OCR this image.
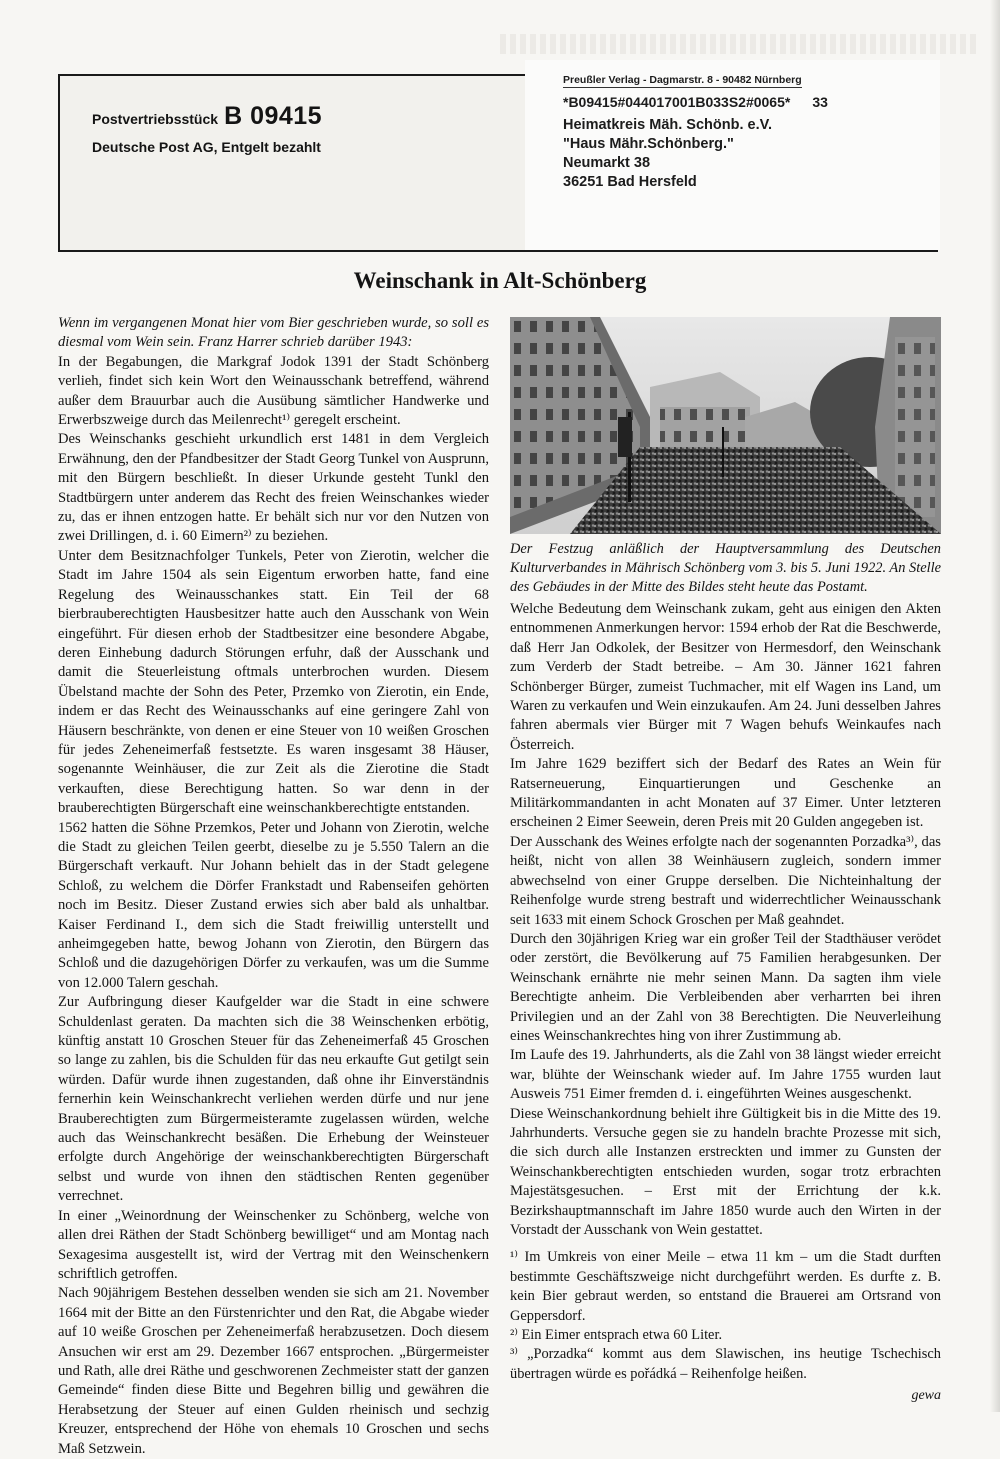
Postvertriebsstück B 09415
Deutsche Post AG, Entgelt bezahlt
Preußler Verlag - Dagmarstr. 8 - 90482 Nürnberg
*B09415#044017001B033S2#0065* 33
Heimatkreis Mäh. Schönb. e.V.
"Haus Mähr.Schönberg."
Neumarkt 38
36251 Bad Hersfeld
Weinschank in Alt-Schönberg

Wenn im vergangenen Monat hier vom Bier geschrieben wurde, so soll es diesmal vom Wein sein. Franz Harrer schrieb darüber 1943:

In der Begabungen, die Markgraf Jodok 1391 der Stadt Schönberg verlieh, findet sich kein Wort den Weinausschank betreffend, während außer dem Brauurbar auch die Ausübung sämtlicher Handwerke und Erwerbszweige durch das Meilenrecht¹⁾ geregelt erscheint.

Des Weinschanks geschieht urkundlich erst 1481 in dem Vergleich Erwähnung, den der Pfandbesitzer der Stadt Georg Tunkel von Ausprunn, mit den Bürgern beschließt. In dieser Urkunde gesteht Tunkl den Stadtbürgern unter anderem das Recht des freien Weinschankes wieder zu, das er ihnen entzogen hatte. Er behält sich nur vor den Nutzen von zwei Drillingen, d. i. 60 Eimern²⁾ zu beziehen.

Unter dem Besitznachfolger Tunkels, Peter von Zierotin, welcher die Stadt im Jahre 1504 als sein Eigentum erworben hatte, fand eine Regelung des Weinausschankes statt. Ein Teil der 68 bierbrauberechtigten Hausbesitzer hatte auch den Ausschank von Wein eingeführt. Für diesen erhob der Stadtbesitzer eine besondere Abgabe, deren Einhebung dadurch Störungen erfuhr, daß der Ausschank und damit die Steuerleistung oftmals unterbrochen wurden. Diesem Übelstand machte der Sohn des Peter, Przemko von Zierotin, ein Ende, indem er das Recht des Weinausschanks auf eine geringere Zahl von Häusern beschränkte, von denen er eine Steuer von 10 weißen Groschen für jedes Zeheneimerfaß festsetzte. Es waren insgesamt 38 Häuser, sogenannte Weinhäuser, die zur Zeit als die Zierotine die Stadt verkauften, diese Berechtigung hatten. So war denn in der brauberechtigten Bürgerschaft eine weinschankberechtigte entstanden.

1562 hatten die Söhne Przemkos, Peter und Johann von Zierotin, welche die Stadt zu gleichen Teilen geerbt, dieselbe zu je 5.550 Talern an die Bürgerschaft verkauft. Nur Johann behielt das in der Stadt gelegene Schloß, zu welchem die Dörfer Frankstadt und Rabenseifen gehörten noch im Besitz. Dieser Zustand erwies sich aber bald als unhaltbar. Kaiser Ferdinand I., dem sich die Stadt freiwillig unterstellt und anheimgegeben hatte, bewog Johann von Zierotin, den Bürgern das Schloß und die dazugehörigen Dörfer zu verkaufen, was um die Summe von 12.000 Talern geschah.

Zur Aufbringung dieser Kaufgelder war die Stadt in eine schwere Schuldenlast geraten. Da machten sich die 38 Weinschenken erbötig, künftig anstatt 10 Groschen Steuer für das Zeheneimerfaß 45 Groschen so lange zu zahlen, bis die Schulden für das neu erkaufte Gut getilgt sein würden. Dafür wurde ihnen zugestanden, daß ohne ihr Einverständnis fernerhin kein Weinschankrecht verliehen werden dürfe und nur jene Brauberechtigten zum Bürgermeisteramte zugelassen würden, welche auch das Weinschankrecht besäßen. Die Erhebung der Weinsteuer erfolgte durch Angehörige der weinschankberechtigten Bürgerschaft selbst und wurde von ihnen den städtischen Renten gegenüber verrechnet.

In einer „Weinordnung der Weinschenker zu Schönberg, welche von allen drei Räthen der Stadt Schönberg bewilliget“ und am Montag nach Sexagesima ausgestellt ist, wird der Vertrag mit den Weinschenkern schriftlich getroffen.

Nach 90jährigem Bestehen desselben wenden sie sich am 21. November 1664 mit der Bitte an den Fürstenrichter und den Rat, die Abgabe wieder auf 10 weiße Groschen per Zeheneimerfaß herabzusetzen. Doch diesem Ansuchen wir erst am 29. Dezember 1667 entsprochen. „Bürgermeister und Rath, alle drei Räthe und geschworenen Zechmeister statt der ganzen Gemeinde“ finden diese Bitte und Begehren billig und gewähren die Herabsetzung der Steuer auf einen Gulden rheinisch und sechzig Kreuzer, entsprechend der Höhe von ehemals 10 Groschen und sechs Maß Setzwein.

Der Festzug anläßlich der Hauptversammlung des Deutschen Kulturverbandes in Mährisch Schönberg vom 3. bis 5. Juni 1922. An Stelle des Gebäudes in der Mitte des Bildes steht heute das Postamt.

Welche Bedeutung dem Weinschank zukam, geht aus einigen den Akten entnommenen Anmerkungen hervor: 1594 erhob der Rat die Beschwerde, daß Herr Jan Odkolek, der Besitzer von Hermesdorf, den Weinschank zum Verderb der Stadt betreibe. – Am 30. Jänner 1621 fahren Schönberger Bürger, zumeist Tuchmacher, mit elf Wagen ins Land, um Waren zu verkaufen und Wein einzukaufen. Am 24. Juni desselben Jahres fahren abermals vier Bürger mit 7 Wagen behufs Weinkaufes nach Österreich.

Im Jahre 1629 beziffert sich der Bedarf des Rates an Wein für Ratserneuerung, Einquartierungen und Geschenke an Militärkommandanten in acht Monaten auf 37 Eimer. Unter letzteren erscheinen 2 Eimer Seewein, deren Preis mit 20 Gulden angegeben ist.

Der Ausschank des Weines erfolgte nach der sogenannten Porzadka³⁾, das heißt, nicht von allen 38 Weinhäusern zugleich, sondern immer abwechselnd von einer Gruppe derselben. Die Nichteinhaltung der Reihenfolge wurde streng bestraft und widerrechtlicher Weinausschank seit 1633 mit einem Schock Groschen per Maß geahndet.

Durch den 30jährigen Krieg war ein großer Teil der Stadthäuser verödet oder zerstört, die Bevölkerung auf 75 Familien herabgesunken. Der Weinschank ernährte nie mehr seinen Mann. Da sagten ihm viele Berechtigte anheim. Die Verbleibenden aber verharrten bei ihren Privilegien und an der Zahl von 38 Berechtigten. Die Neuverleihung eines Weinschankrechtes hing von ihrer Zustimmung ab.

Im Laufe des 19. Jahrhunderts, als die Zahl von 38 längst wieder erreicht war, blühte der Weinschank wieder auf. Im Jahre 1755 wurden laut Ausweis 751 Eimer fremden d. i. eingeführten Weines ausgeschenkt.

Diese Weinschankordnung behielt ihre Gültigkeit bis in die Mitte des 19. Jahrhunderts. Versuche gegen sie zu handeln brachte Prozesse mit sich, die sich durch alle Instanzen erstreckten und immer zu Gunsten der Weinschankberechtigten entschieden wurden, sogar trotz erbrachten Majestätsgesuchen. – Erst mit der Errichtung der k.k. Bezirkshauptmannschaft im Jahre 1850 wurde auch den Wirten in der Vorstadt der Ausschank von Wein gestattet.

¹⁾ Im Umkreis von einer Meile – etwa 11 km – um die Stadt durften bestimmte Geschäftszweige nicht durchgeführt werden. Es durfte z. B. kein Bier gebraut werden, so entstand die Brauerei am Ortsrand von Geppersdorf.

²⁾ Ein Eimer entsprach etwa 60 Liter.

³⁾ „Porzadka“ kommt aus dem Slawischen, ins heutige Tschechisch übertragen würde es pořádká – Reihenfolge heißen.

gewa
